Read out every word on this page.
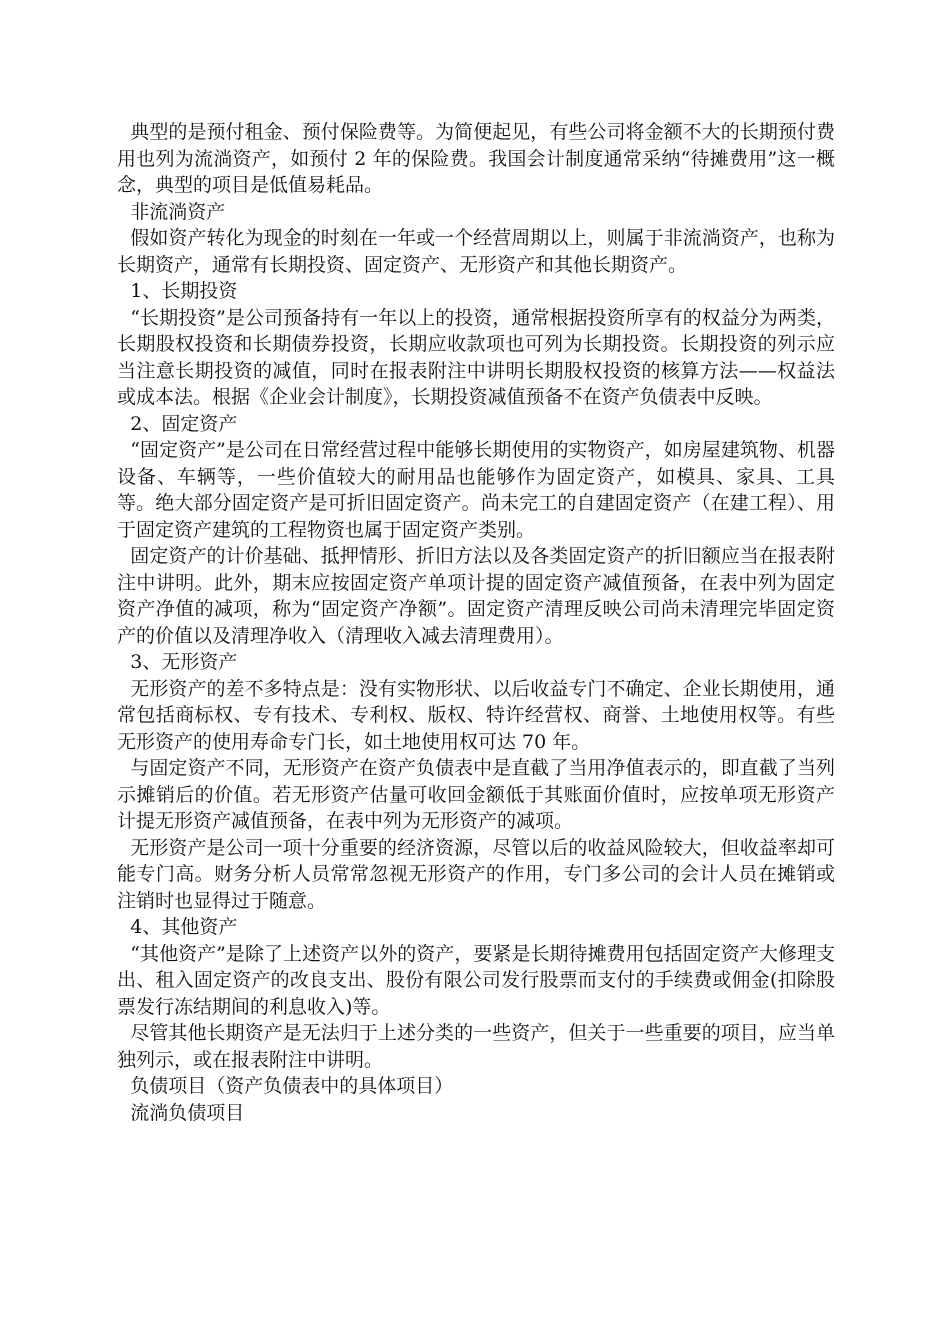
典型的是预付租金、预付保险费等。为简便起见，有些公司将金额不大的长期预付费用也列为流淌资产，如预付 2 年的保险费。我国会计制度通常采纳“待摊费用”这一概念，典型的项目是低值易耗品。

非流淌资产

假如资产转化为现金的时刻在一年或一个经营周期以上，则属于非流淌资产，也称为长期资产，通常有长期投资、固定资产、无形资产和其他长期资产。

1、长期投资

“长期投资”是公司预备持有一年以上的投资，通常根据投资所享有的权益分为两类，长期股权投资和长期债券投资，长期应收款项也可列为长期投资。长期投资的列示应当注意长期投资的减值，同时在报表附注中讲明长期股权投资的核算方法——权益法或成本法。根据《企业会计制度》，长期投资减值预备不在资产负债表中反映。

2、固定资产

“固定资产”是公司在日常经营过程中能够长期使用的实物资产，如房屋建筑物、机器设备、车辆等，一些价值较大的耐用品也能够作为固定资产，如模具、家具、工具等。绝大部分固定资产是可折旧固定资产。尚未完工的自建固定资产（在建工程）、用于固定资产建筑的工程物资也属于固定资产类别。

固定资产的计价基础、抵押情形、折旧方法以及各类固定资产的折旧额应当在报表附注中讲明。此外，期末应按固定资产单项计提的固定资产减值预备，在表中列为固定资产净值的减项，称为“固定资产净额”。固定资产清理反映公司尚未清理完毕固定资产的价值以及清理净收入（清理收入减去清理费用）。

3、无形资产

无形资产的差不多特点是：没有实物形状、以后收益专门不确定、企业长期使用，通常包括商标权、专有技术、专利权、版权、特许经营权、商誉、土地使用权等。有些无形资产的使用寿命专门长，如土地使用权可达 70 年。

与固定资产不同，无形资产在资产负债表中是直截了当用净值表示的，即直截了当列示摊销后的价值。若无形资产估量可收回金额低于其账面价值时，应按单项无形资产计提无形资产减值预备，在表中列为无形资产的减项。

无形资产是公司一项十分重要的经济资源，尽管以后的收益风险较大，但收益率却可能专门高。财务分析人员常常忽视无形资产的作用，专门多公司的会计人员在摊销或注销时也显得过于随意。

4、其他资产

“其他资产”是除了上述资产以外的资产，要紧是长期待摊费用包括固定资产大修理支出、租入固定资产的改良支出、股份有限公司发行股票而支付的手续费或佣金(扣除股票发行冻结期间的利息收入)等。

尽管其他长期资产是无法归于上述分类的一些资产，但关于一些重要的项目，应当单独列示，或在报表附注中讲明。

负债项目（资产负债表中的具体项目）

流淌负债项目
